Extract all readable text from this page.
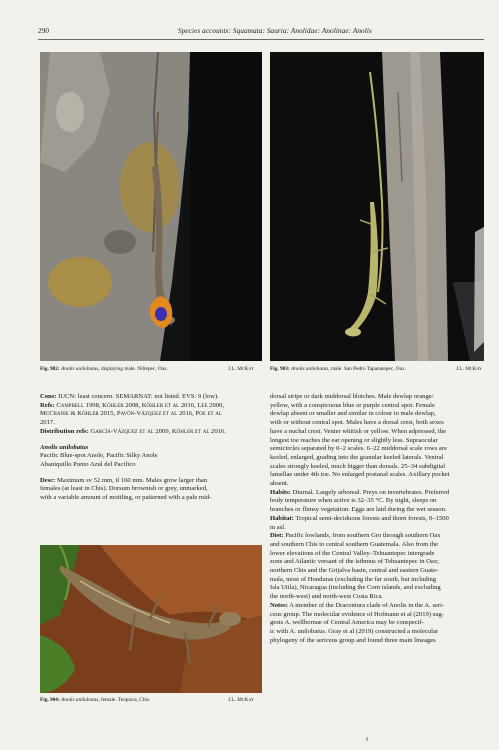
290	Species accounts: Squamata: Sauria: Anolidae: Anolinae: Anolis
Fig. 902: Anolis unilobatus, displaying male. Niltepec, Oax.	J.L. McKay	Fig. 903: Anolis unilobatus, male. San Pedro Tapanatepec, Oax.	J.L. McKay
Cons: IUCN: least concern. SEMARNAT: not listed. EVS: 9 (low).
Refs: Campbell 1998, Köhler 2008, Köhler et al 2016, Lee 2000,
McCranie & Köhler 2015, Pavón-Vázquez et al 2016, Poe et al
2017.
Distribution refs: García-Vázquez et al 2009, Köhler et al 2016.
Anolis unilobatus
Pacific Blue-spot Anole, Pacific Silky Anole
Abaniquillo Punto Azul del Pacífico
Desc: Maximum sv 52 mm, tl 160 mm. Males grow larger than
females (at least in Chis). Dorsum brownish or grey, unmarked,
with a variable amount of mottling, or patterned with a pale mid-
Fig. 904: Anolis unilobatus, female. Teopisca, Chis.	J.L. McKay
dorsal stripe or dark middorsal blotches. Male dewlap orange/
yellow, with a conspicuous blue or purple central spot. Female
dewlap absent or smaller and similar in colour to male dewlap,
with or without central spot. Males have a dorsal crest, both sexes
have a nuchal crest. Venter whitish or yellow. When adpressed, the
longest toe reaches the ear opening or slightly less. Supraocular
semicircles separated by 0–2 scales. 6–22 middorsal scale rows are
keeled, enlarged, grading into the granular keeled laterals. Ventral
scales strongly keeled, much bigger than dorsals. 25–34 subdigital
lamellae under 4th toe. No enlarged postanal scales. Axillary pocket
absent.
Habits: Diurnal. Largely arboreal. Preys on invertebrates. Preferred
body temperature when active is 32–35 °C. By night, sleeps on
branches or flimsy vegetation. Eggs are laid during the wet season.
Habitat: Tropical semi-deciduous forests and thorn forests, 0–1500
m asl.
Dist: Pacific lowlands, from southern Gro through southern Oax
and southern Chis to central southern Guatemala. Also from the
lower elevations of the Central Valley–Tehuantepec intergrade
zone and Atlantic versant of the isthmus of Tehuantepec in Oax;
northern Chis and the Grijalva basin, central and eastern Guate-
mala, most of Honduras (excluding the far south, but including
Isla Utila), Nicaragua (including the Corn islands, and excluding
the north-west) and north-west Costa Rica.
Notes: A member of the Dracontura clade of Anolis in the A. seri-
ceus group. The molecular evidence of Hofmann et al (2019) sug-
gests A. wellbornae of Central America may be conspecif-
ic with A. unilobatus. Gray et al (2019) constructed a molecular
phylogeny of the sericeus group and found three main lineages
